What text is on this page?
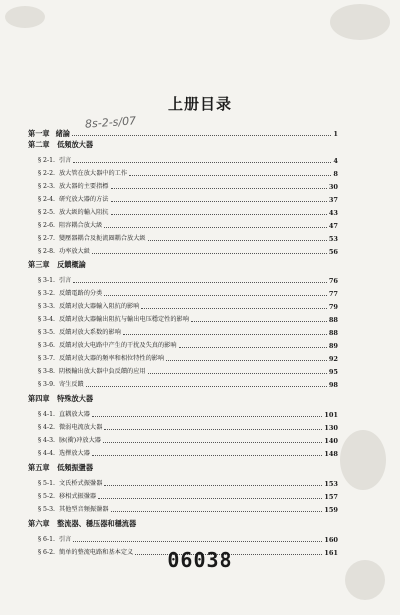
上册目录
8s-2-s/07
第一章 緒論	1
第二章 低頻放大器
§ 2-1. 引言	4
§ 2-2. 放大管在放大器中的工作	8
§ 2-3. 放大器的主要指標	30
§ 2-4. 研究放大器的方法	37
§ 2-5. 放大級的輸入阻抗	43
§ 2-6. 阻容耦合放大級	47
§ 2-7. 變壓器耦合及扼流圈耦合放大級	53
§ 2-8. 功率放大級	56
第三章 反饋概論
§ 3-1. 引言	76
§ 3-2. 反饋電路的分类	77
§ 3-3. 反饋对放大器輸入阻抗的影响	79
§ 3-4. 反饋对放大器輸出阻抗与輸出电压穩定性的影响	88
§ 3-5. 反饋对放大系数的影响	88
§ 3-6. 反饋对放大电路中产生的干扰及失真的影响	89
§ 3-7. 反饋对放大器的頻率和相位特性的影响	92
§ 3-8. 阴极輸出放大器中負反饋的应用	95
§ 3-9. 寄生反饋	98
第四章 特殊放大器
§ 4-1. 直耦放大器	101
§ 4-2. 微弱电流放大器	130
§ 4-3. 脉(衝)冲放大器	140
§ 4-4. 选擇放大器	148
第五章 低頻振盪器
§ 5-1. 文氏桥式振盪器	153
§ 5-2. 移相式振盪器	157
§ 5-3. 其他型音頻振盪器	159
第六章 整流器、穩压器和穩流器
§ 6-1. 引言	160
§ 6-2. 簡单的整流电路和基本定义	161
06038
